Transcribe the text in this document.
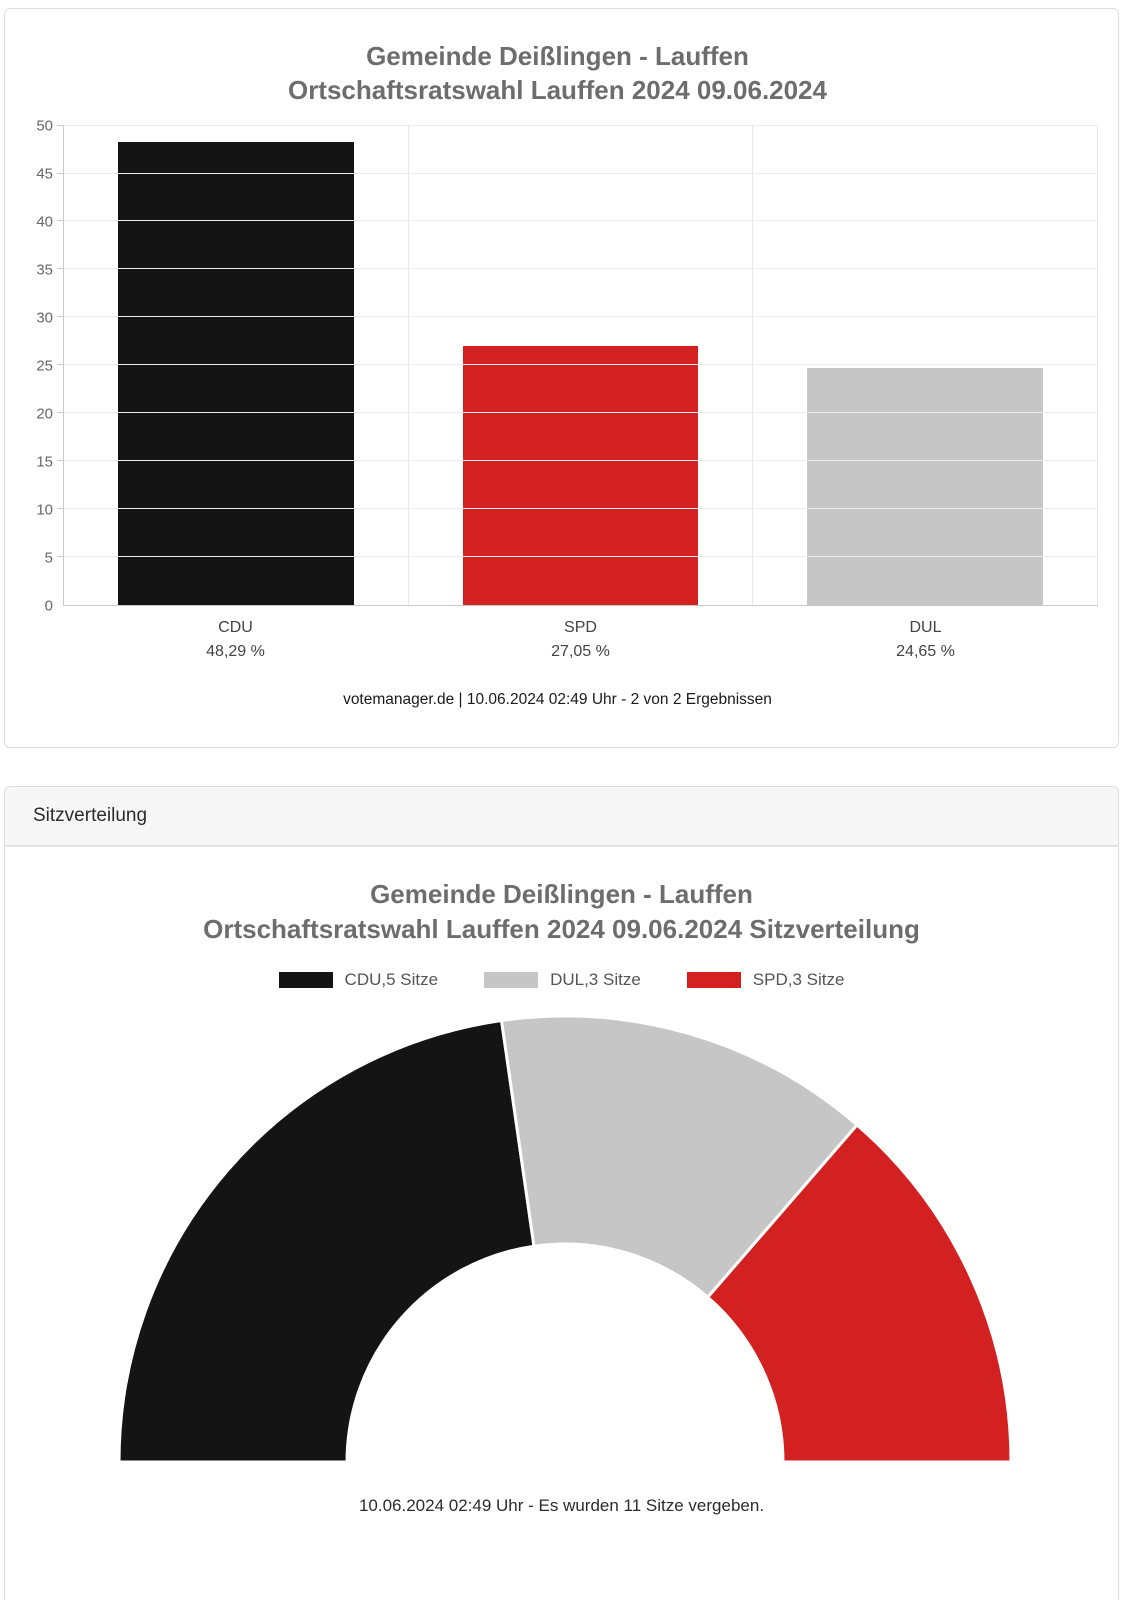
Gemeinde Deißlingen - Lauffen
Ortschaftsratswahl Lauffen 2024 09.06.2024
0
5
10
15
20
25
30
35
40
45
50
CDU
48,29 %
SPD
27,05 %
DUL
24,65 %
votemanager.de | 10.06.2024 02:49 Uhr - 2 von 2 Ergebnissen
Sitzverteilung
Gemeinde Deißlingen - Lauffen
Ortschaftsratswahl Lauffen 2024 09.06.2024 Sitzverteilung
CDU,5 Sitze	DUL,3 Sitze	SPD,3 Sitze
10.06.2024 02:49 Uhr - Es wurden 11 Sitze vergeben.
